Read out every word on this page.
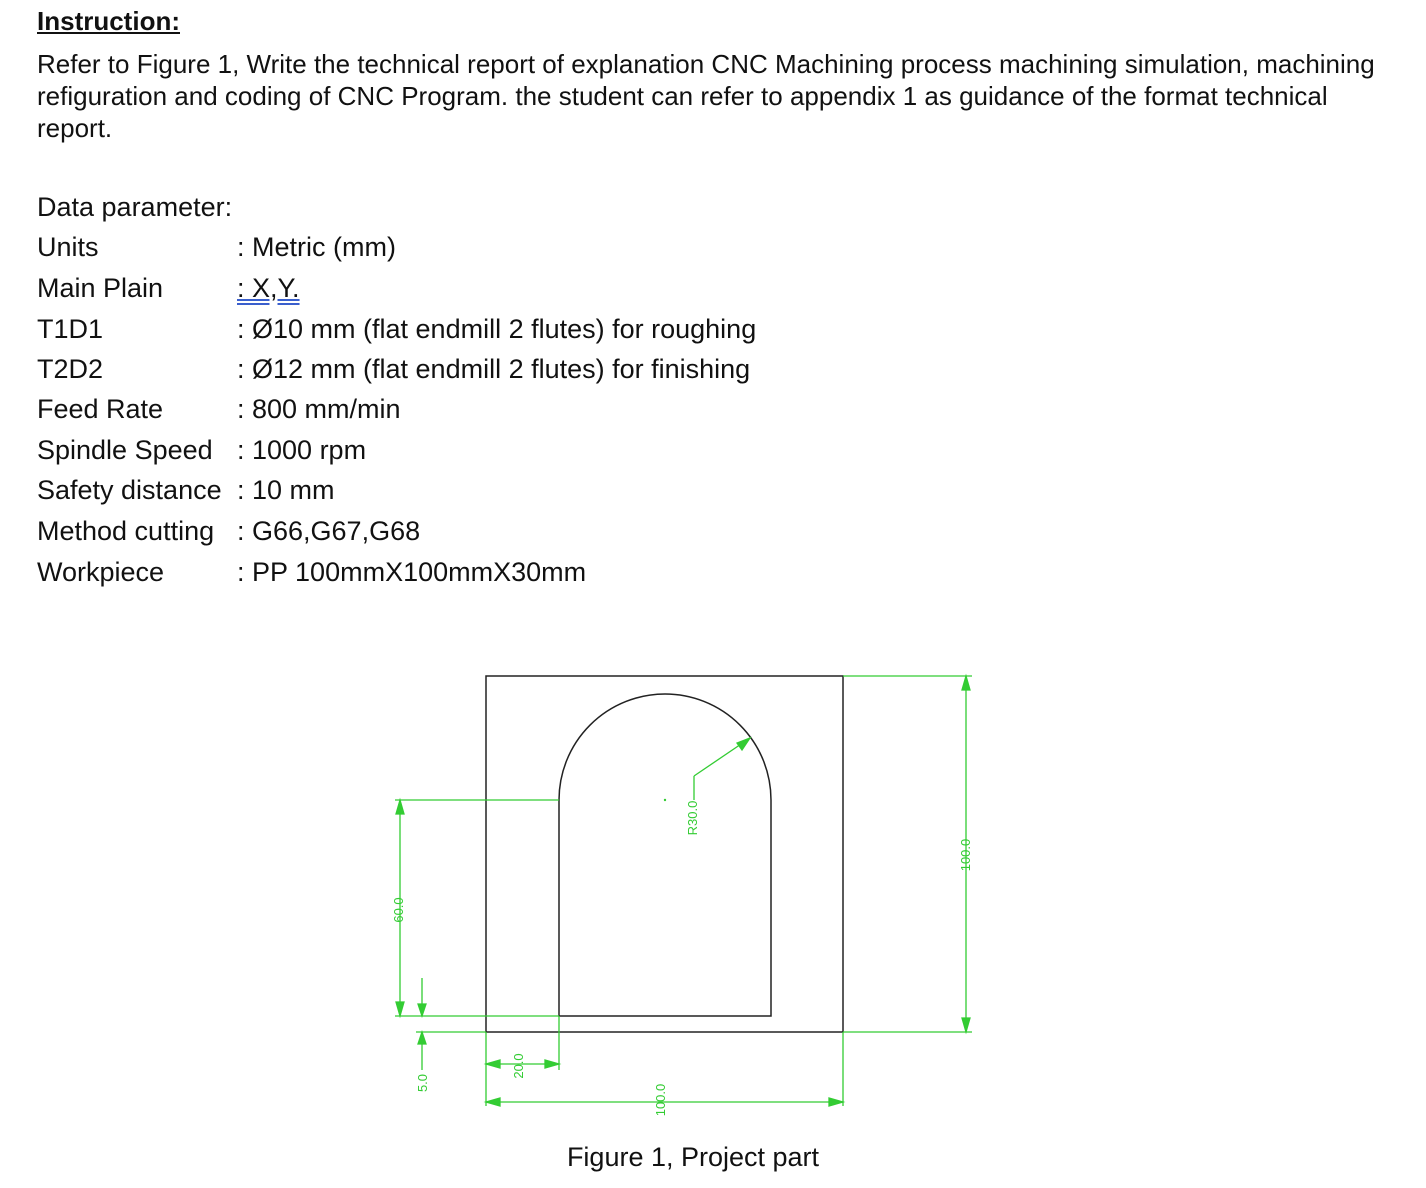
Instruction:

Refer to Figure 1, Write the technical report of explanation CNC Machining process machining simulation, machining refiguration and coding of CNC Program. the student can refer to appendix 1 as guidance of the format technical report.

Data parameter:
Units	: Metric (mm)
Main Plain	: X,Y.
T1D1	: Ø10 mm (flat endmill 2 flutes) for roughing
T2D2	: Ø12 mm (flat endmill 2 flutes) for finishing
Feed Rate	: 800 mm/min
Spindle Speed : 1000 rpm
Safety distance : 10 mm
Method cutting : G66,G67,G68
Workpiece	: PP 100mmX100mmX30mm
100.0
60.0
5.0
20.0
100.0
R30.0
Figure 1, Project part
